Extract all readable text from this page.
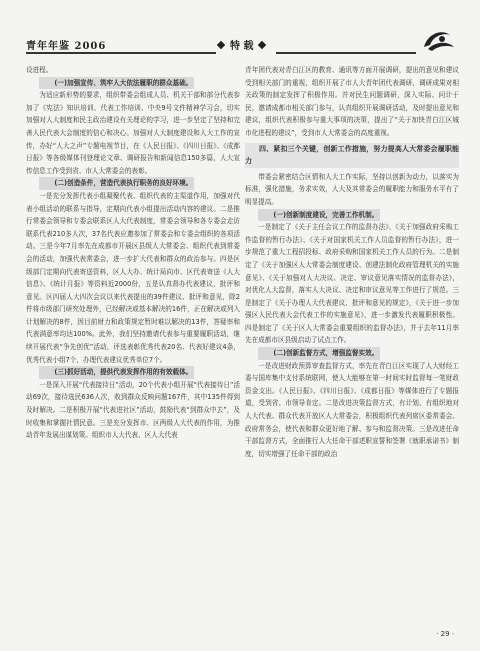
青年年鉴 2006	特 载

设进程。

(一)加强宣传、筑牢人大依法履职的群众基础。

为适应新形势的要求，组织带委会组成人员、机关干部和部分代表参加了《宪法》知识培训、代表工作培训、中央9号文件精神学习会，切实加强对人大制度和民主政治建设有关理论的学习，进一步坚定了坚持和完善人民代表大会制度的信心和决心。加强对人大制度建设和人大工作的宣传，办好“人大之声”专题电视节目，在《人民日报》、《四川日报》、《成都日报》等各级媒体刊登理论文章、调研报告和新闻信息150多篇，人大宣传信息工作受到省、市人大常委会的表彰。

(二)创造条件，营造代表执行职务的良好环境。

一是充分发挥代表小组凝聚代表、组织代表的主渠道作用，加强对代表小组活动的联系与指导，定期向代表小组提出活动内容的建议。二是推行常委会领导和专委会联系区人大代表制度，常委会领导和各专委会走访联系代表210多人次，37名代表应邀参加了常委会和专委会组织的各项活动。三是今年7月率先在成都市开展区县级人大常委会、组织代表到常委会的活动，加强代表常委会，进一步扩大代表和群众的政治参与。四是区级部门定期向代表寄送资料，区人大办、统计局向市、区代表寄送《人大信息》、《统计月报》等资料近2000份，五是认真督办代表建议、批评和意见。区四届人大四次会议以来代表提出的39件建议、批评和意见，除2件将市级部门研究处理外，已经解决或基本解决的16件，正在解决或列入计划解决的8件，因目前财力和政策规定暂时难以解决的13件，答疑率和代表满意率均达100%。此外，我们坚持邀请代表参与重要履职活动，继续开展代表“争先创优”活动，评选表彰优秀代表20名、代表好建议4条，优秀代表小组7个，办理代表建议优秀单位7个。

(三)抓好活动，提供代表发挥作用的有效载体。

一是深入开展“代表接待日”活动，20个代表小组开展“代表接待日”活动69次，接待选民636人次，收到群众反映问题167件，其中135件得到及时解决。二是积极开展“代表进社区”活动，鼓励代表“到群众中去”，及时收集和掌握社情民意。三是充分发挥市、区两级人大代表的作用，为推动青年发展出谋划策。组织市人大代表、区人大代表

青年团代表对青白江区的教育、通讯等方面开展调研，提出的意见和建议受到相关部门的重视，组织开展了市人大青年团代表调研，调研成果对相关政策的制定发挥了积极作用。并对民生问题调研，深入实际、问计于民，邀请成都市相关部门参与，认真组织开展调研活动，及时提出意见和建议，组织代表积极参与重大事项的决策，提出了“关于加快青白江区城市化进程的建议”，受到市人大常委会的高度重视。

四、紧扣三个关键，创新工作措施，努力提高人大常委会履职能力

带委会紧密结合区情和人大工作实际，坚持以创新为动力，以落实为标准，强化措施，务求实效，人大及其常委会的履职能力和服务水平有了明显提高。

(一)创新制度建设，完善工作机制。

一是制定了《关于主任会议工作的监督办法》、《关于加强政府采购工作监督的暂行办法》、《关于对国家机关工作人员监督的暂行办法》，进一步规范了重大工程招投标、政府采购和国家机关工作人员的行为。二是制定了《关于加强区人大常委会制度建设、创建法制化政府管理机关的实施意见》、《关于加强对人大决议、决定、审议意见落实情况的监督办法》，对优化人大监督，落实人大决议、决定和审议意见等工作进行了规范。三是制定了《关于办理人大代表建议、批评和意见的规定》，《关于进一步加强区人民代表大会代表工作的实施意见》，进一步激发代表履职积极性。四是制定了《关于区人大常委会重要组织的监督办法》，并于去年11月率先在成都市区县级启动了试点工作。

(二)创新监督方式，增强监督实效。

一是改进财政预算审查监督方式，率先在青白江区实现了人大财经工委与国库集中支付系统联网，使人大能够在第一时间实时监督每一笔财政资金支出。《人民日报》、《四川日报》、《成都日报》等媒体进行了专题报道，受到省、市领导肯定。二是改进决策监督方式，有计划、有组织地对人大代表、群众代表开放区人大常委会，积极组织代表列席区委常委会、政府常务会，使代表和群众更好地了解、参与和监督决策。三是改进任命干部监督方式，全面推行人大任命干部述职宣誓和签署《就职承诺书》制度，切实增强了任命干部的政治

· 29 ·
